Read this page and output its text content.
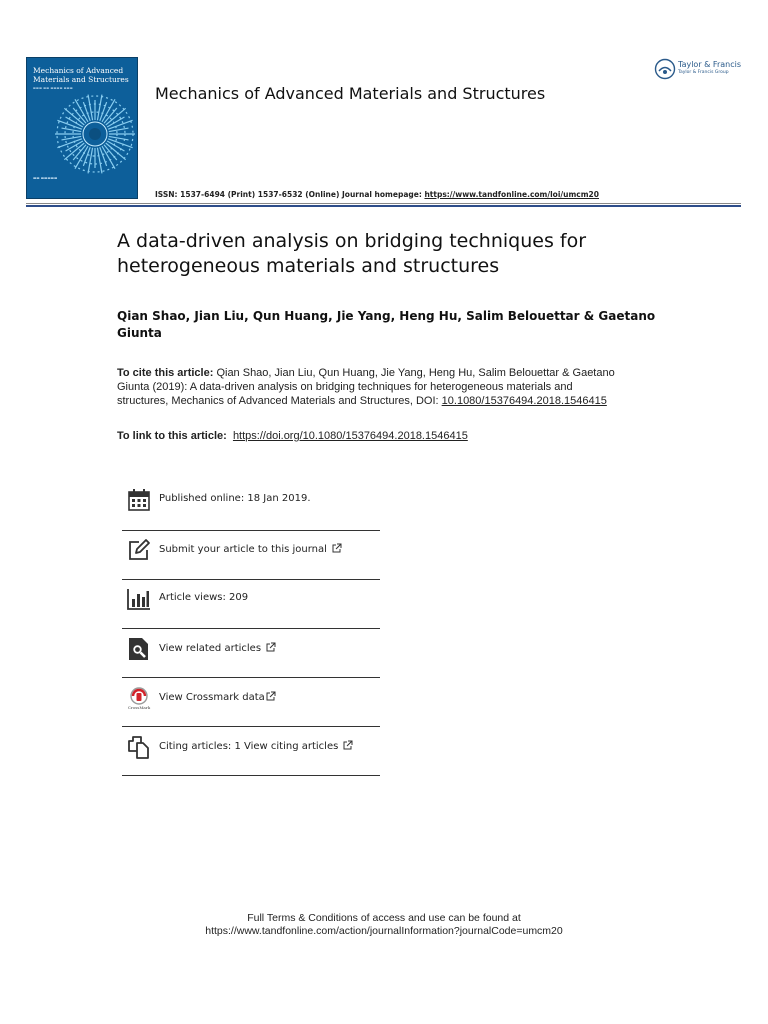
Mechanics of Advanced Materials and Structures
▬▬▬ ▬▬ ▬▬▬▬ ▬▬▬
▬▬ ▬▬▬▬▬
Mechanics of Advanced Materials and Structures
Taylor & Francis
Taylor & Francis Group
ISSN: 1537-6494 (Print) 1537-6532 (Online) Journal homepage: https://www.tandfonline.com/loi/umcm20
A data-driven analysis on bridging techniques for heterogeneous materials and structures
Qian Shao, Jian Liu, Qun Huang, Jie Yang, Heng Hu, Salim Belouettar & Gaetano Giunta
To cite this article: Qian Shao, Jian Liu, Qun Huang, Jie Yang, Heng Hu, Salim Belouettar & Gaetano Giunta (2019): A data-driven analysis on bridging techniques for heterogeneous materials and structures, Mechanics of Advanced Materials and Structures, DOI: 10.1080/15376494.2018.1546415
To link to this article: https://doi.org/10.1080/15376494.2018.1546415
Published online: 18 Jan 2019.
Submit your article to this journal
Article views: 209
View related articles
CrossMark
View Crossmark data
Citing articles: 1 View citing articles
Full Terms & Conditions of access and use can be found at
https://www.tandfonline.com/action/journalInformation?journalCode=umcm20
